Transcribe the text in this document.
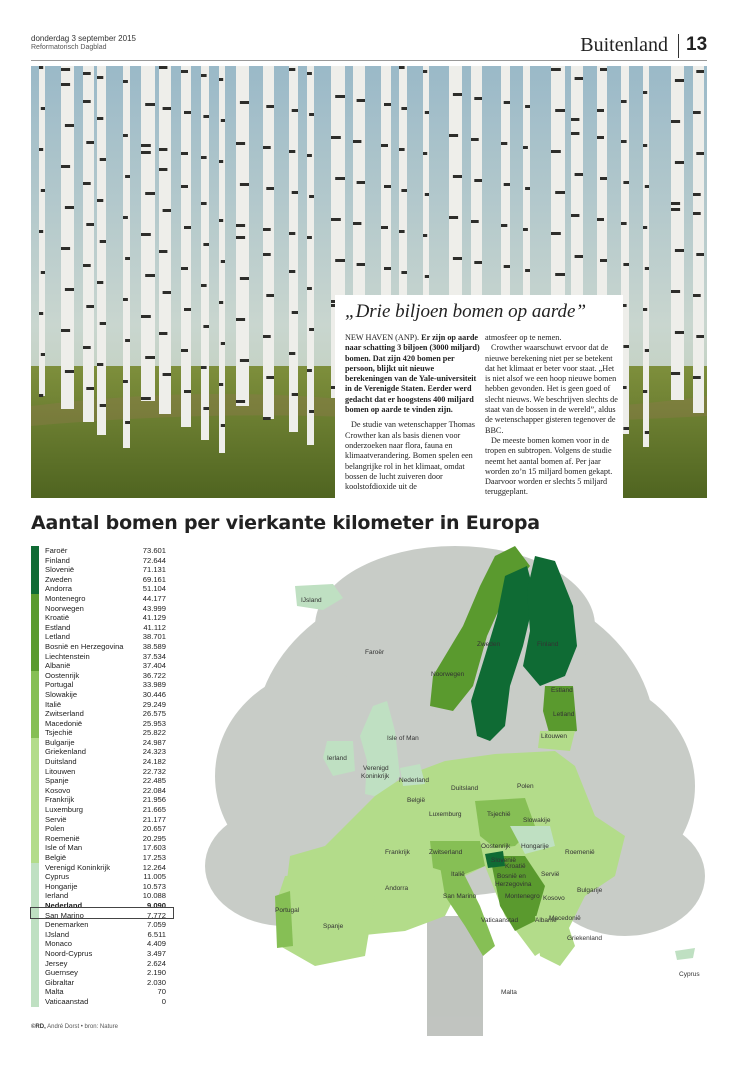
donderdag 3 september 2015
Reformatorisch Dagblad	Buitenland 13
„Drie biljoen bomen op aarde”

NEW HAVEN (ANP). Er zijn op aarde naar schatting 3 biljoen (3000 miljard) bomen. Dat zijn 420 bomen per persoon, blijkt uit nieuwe berekeningen van de Yale-universiteit in de Verenigde Staten. Eerder werd gedacht dat er hoogstens 400 miljard bomen op aarde te vinden zijn.

De studie van wetenschapper Thomas Crowther kan als basis dienen voor onderzoeken naar flora, fauna en klimaatverandering. Bomen spelen een belangrijke rol in het klimaat, omdat bossen de lucht zuiveren door koolstofdioxide uit de

atmosfeer op te nemen.

Crowther waarschuwt ervoor dat de nieuwe berekening niet per se betekent dat het klimaat er beter voor staat. „Het is niet alsof we een hoop nieuwe bomen hebben gevonden. Het is geen goed of slecht nieuws. We beschrijven slechts de staat van de bossen in de wereld”, aldus de wetenschapper gisteren tegenover de BBC.

De meeste bomen komen voor in de tropen en subtropen. Volgens de studie neemt het aantal bomen af. Per jaar worden zo’n 15 miljard bomen gekapt. Daarvoor worden er slechts 5 miljard teruggeplant.

Aantal bomen per vierkante kilometer in Europa
Faroër	73.601
Finland	72.644
Slovenië	71.131
Zweden	69.161
Andorra	51.104
Montenegro	44.177
Noorwegen	43.999
Kroatië	41.129
Estland	41.112
Letland	38.701
Bosnië en Herzegovina	38.589
Liechtenstein	37.534
Albanië	37.404
Oostenrijk	36.722
Portugal	33.989
Slowakije	30.446
Italië	29.249
Zwitserland	26.575
Macedonië	25.953
Tsjechië	25.822
Bulgarije	24.987
Griekenland	24.323
Duitsland	24.182
Litouwen	22.732
Spanje	22.485
Kosovo	22.084
Frankrijk	21.956
Luxemburg	21.665
Servië	21.177
Polen	20.657
Roemenië	20.295
Isle of Man	17.603
België	17.253
Verenigd Koninkrijk	12.264
Cyprus	11.005
Hongarije	10.573
Ierland	10.088
Nederland	9.090
San Marino	7.772
Denemarken	7.059
IJsland	6.511
Monaco	4.409
Noord-Cyprus	3.497
Jersey	2.624
Guernsey	2.190
Gibraltar	2.030
Malta	70
Vaticaanstad	0
IJsland
Faroër
Zweden	Finland
Noorwegen
Estland
Letland
Litouwen
Isle of Man
Ierland
Verenigd
Koninkrijk
Nederland
België
Duitsland	Polen
Luxemburg	Tsjechië
Slowakije
Oostenrijk Hongarije
Frankrijk	Zwitserland
Slovenië
Roemenië
Kroatië
Bosnië en
Herzegovina
Servië
Italië
Montenegro Kosovo
Bulgarije
Andorra
Albanië
Macedonië
San Marino
Portugal
Spanje
Vaticaanstad
Griekenland
Cyprus
Malta
©RD, André Dorst • bron: Nature
